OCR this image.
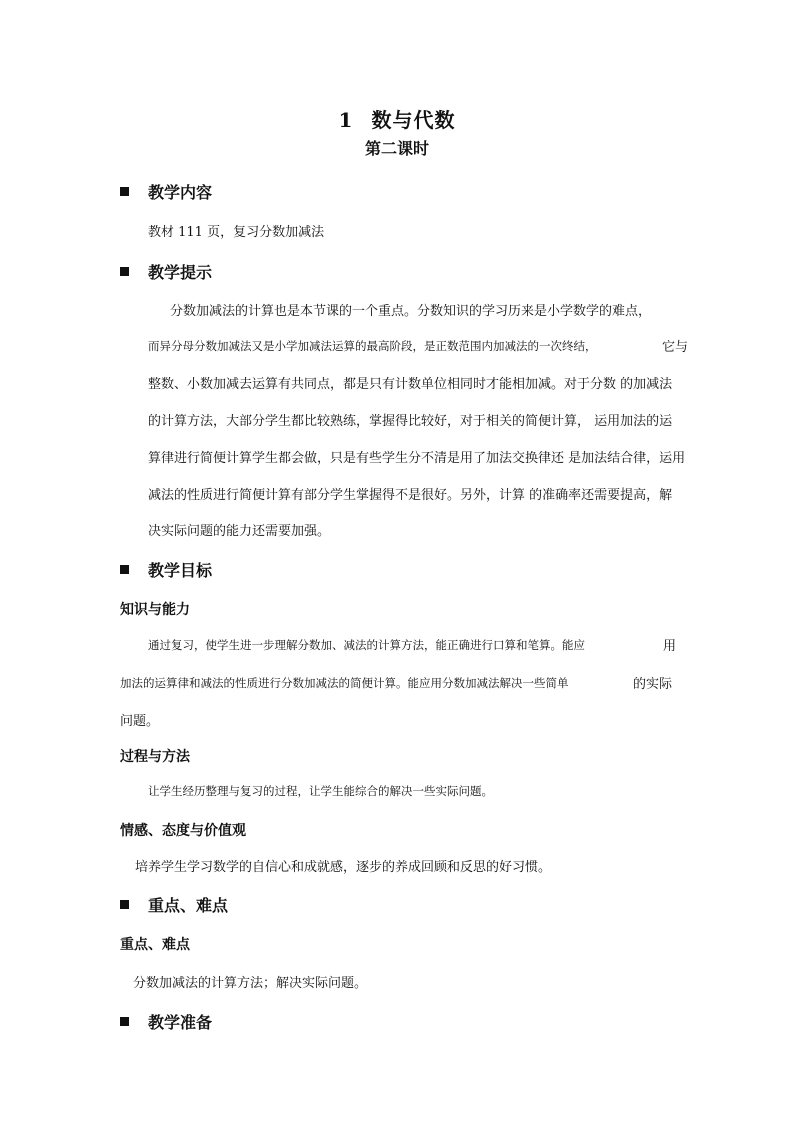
1 数与代数
第二课时
教学内容
教材 111 页，复习分数加减法
教学提示
分数加减法的计算也是本节课的一个重点。分数知识的学习历来是小学数学的难点，
而异分母分数加减法又是小学加减法运算的最高阶段，是正数范围内加减法的一次终结，	它与
整数、小数加减去运算有共同点，都是只有计数单位相同时才能相加减。对于分数 的加减法
的计算方法，大部分学生都比较熟练，掌握得比较好，对于相关的简便计算， 运用加法的运
算律进行简便计算学生都会做，只是有些学生分不清是用了加法交换律还 是加法结合律，运用
减法的性质进行简便计算有部分学生掌握得不是很好。另外，计算 的准确率还需要提高，解
决实际问题的能力还需要加强。
教学目标
知识与能力
通过复习，使学生进一步理解分数加、减法的计算方法，能正确进行口算和笔算。能应	用
加法的运算律和减法的性质进行分数加减法的简便计算。能应用分数加减法解决一些简单	的实际
问题。
过程与方法
让学生经历整理与复习的过程，让学生能综合的解决一些实际问题。
情感、态度与价值观
培养学生学习数学的自信心和成就感，逐步的养成回顾和反思的好习惯。
重点、难点
重点、难点
分数加减法的计算方法；解决实际问题。
教学准备
